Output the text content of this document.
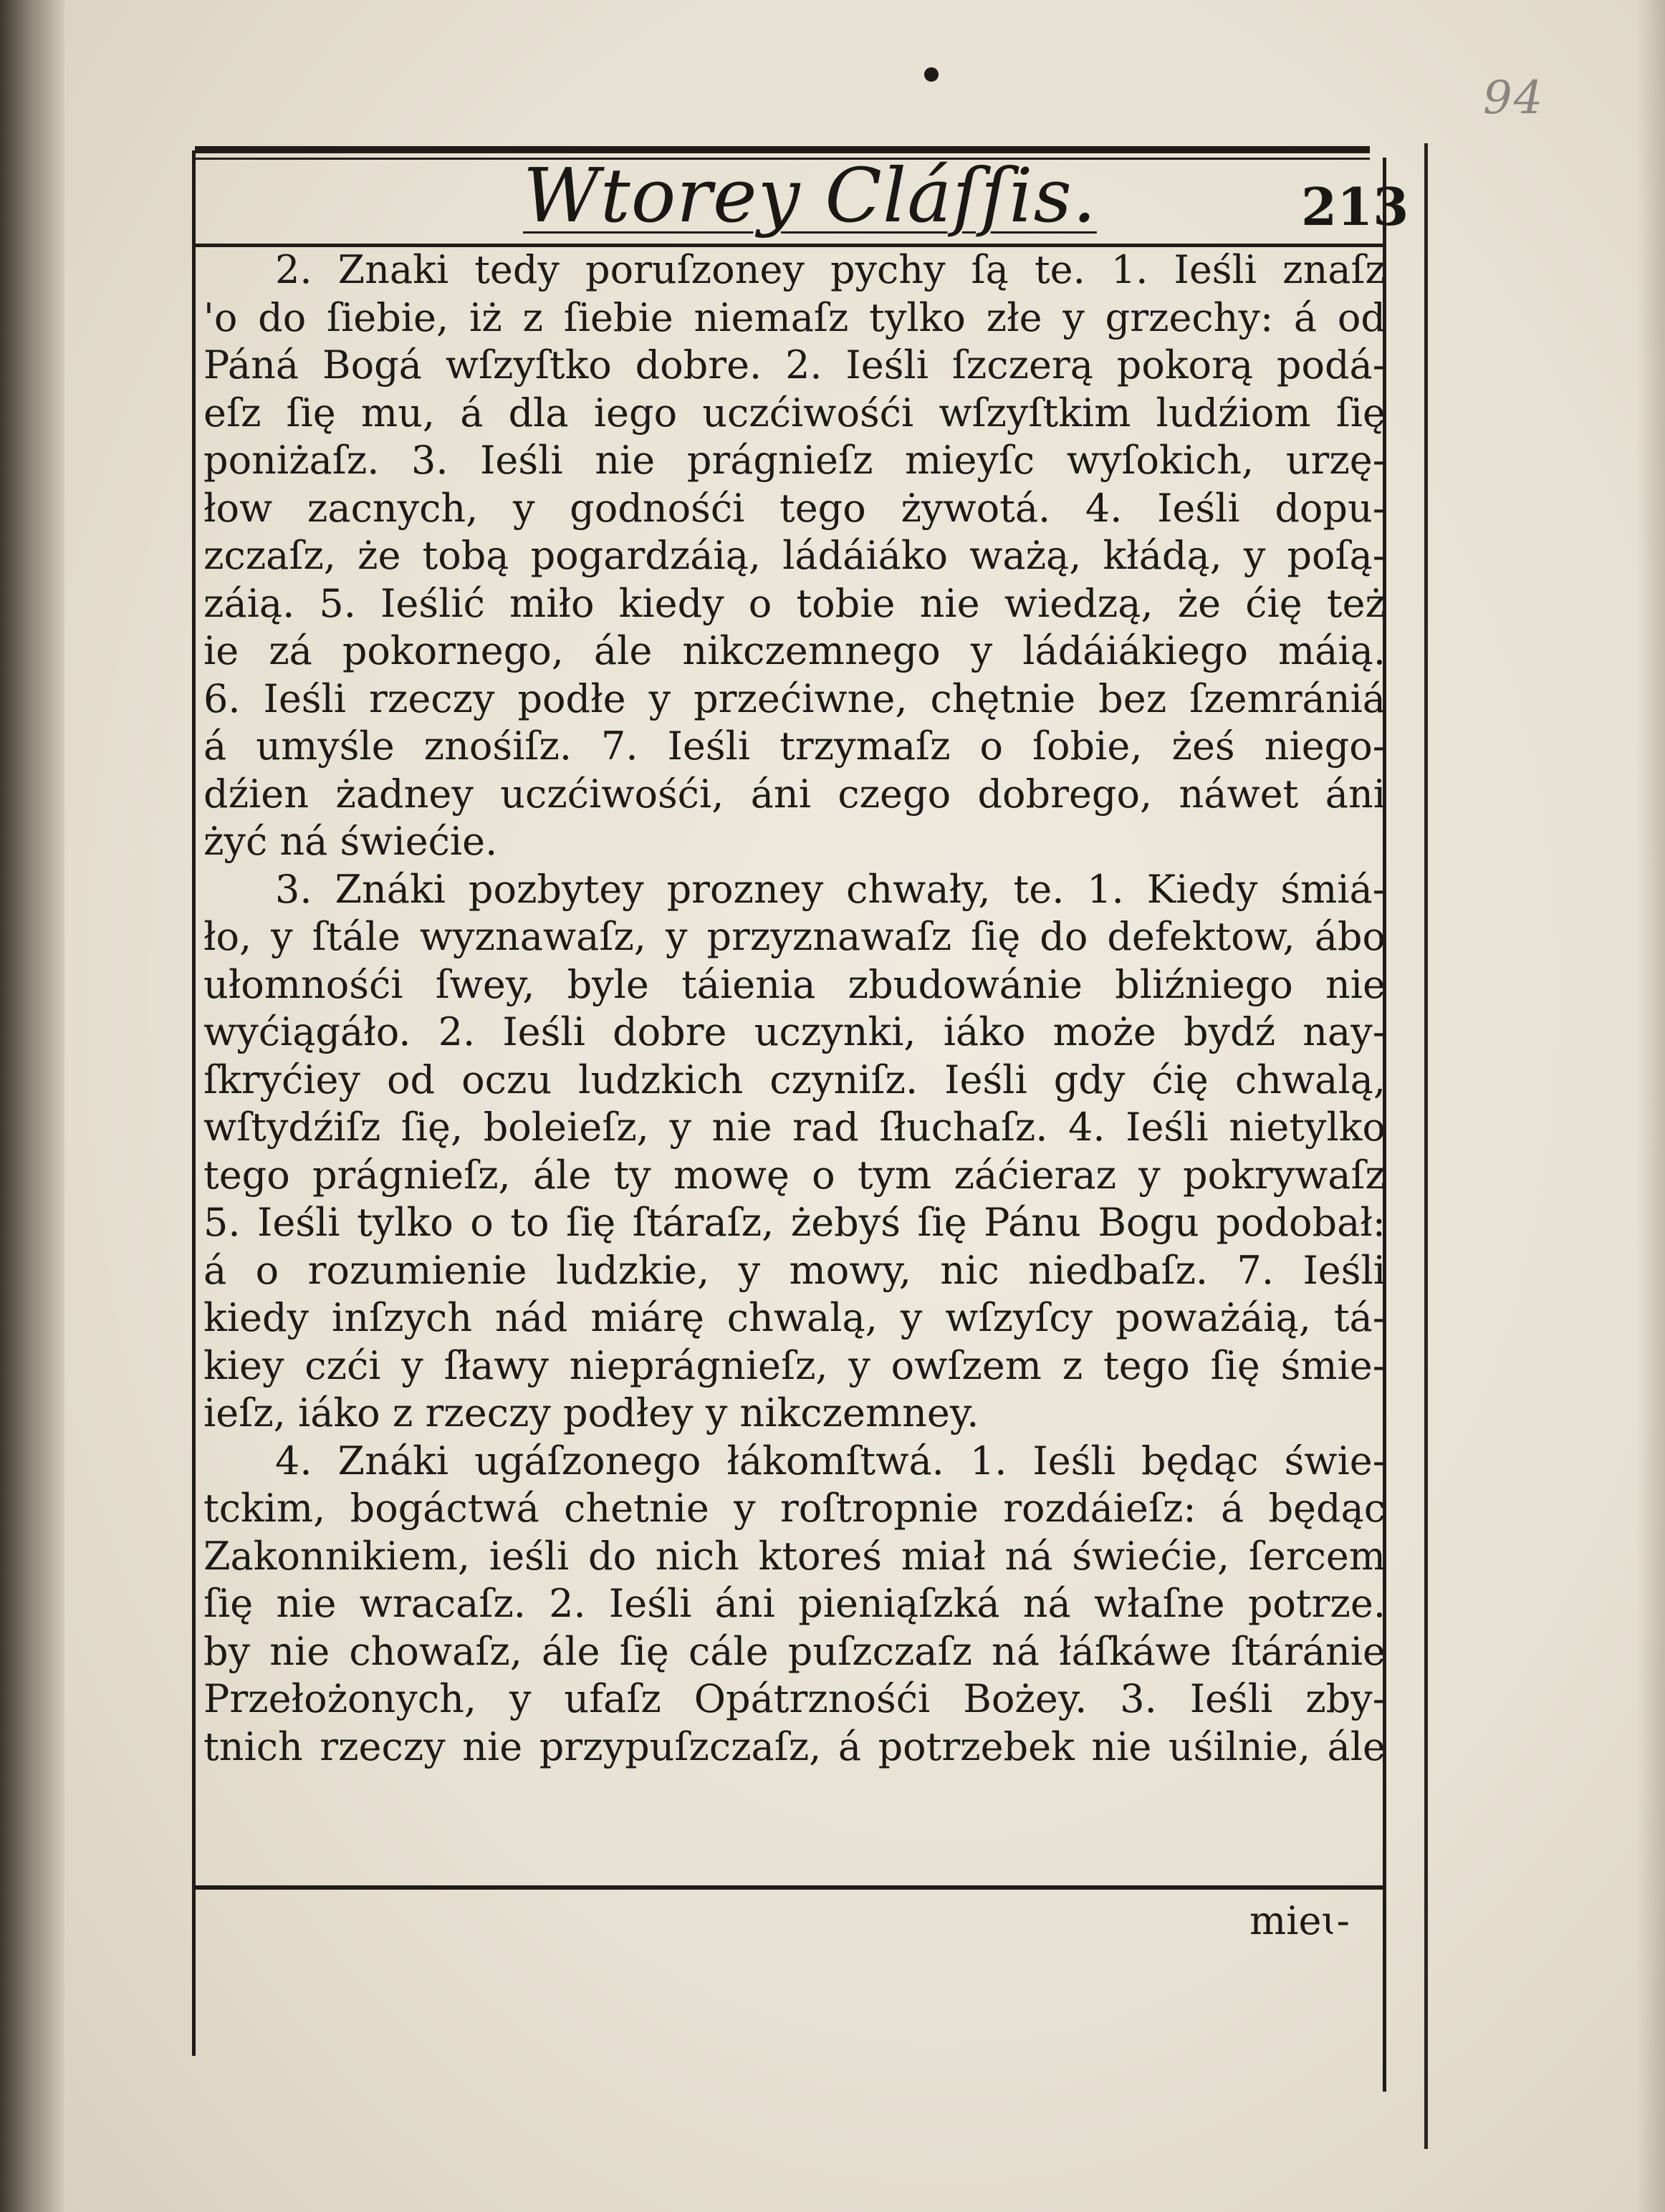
94
Wtorey Cláſſis.	213
2. Znaki tedy poruſzoney pychy ſą te. 1. Ieśli znaſz
'o do ſiebie, iż z ſiebie niemaſz tylko złe y grzechy: á od
Páná Bogá wſzyſtko dobre. 2. Ieśli ſzczerą pokorą podá-
eſz ſię mu, á dla iego uczćiwośći wſzyſtkim ludźiom ſię
poniżaſz. 3. Ieśli nie prágnieſz mieyſc wyſokich, urzę-
łow zacnych, y godnośći tego żywotá. 4. Ieśli dopu-
zczaſz, że tobą pogardzáią, ládáiáko ważą, kłádą, y poſą-
záią. 5. Ieślić miło kiedy o tobie nie wiedzą, że ćię też
ie zá pokornego, ále nikczemnego y ládáiákiego máią.
6. Ieśli rzeczy podłe y przećiwne, chętnie bez ſzemrániá
á umyśle znośiſz. 7. Ieśli trzymaſz o ſobie, żeś niego-
dźien żadney uczćiwośći, áni czego dobrego, náwet áni
żyć ná świećie.
3. Znáki pozbytey prozney chwały, te. 1. Kiedy śmiá-
ło, y ſtále wyznawaſz, y przyznawaſz ſię do defektow, ábo
ułomnośći ſwey, byle táienia zbudowánie bliźniego nie
wyćiągáło. 2. Ieśli dobre uczynki, iáko może bydź nay-
ſkryćiey od oczu ludzkich czyniſz. Ieśli gdy ćię chwalą,
wſtydźiſz ſię, boleieſz, y nie rad ſłuchaſz. 4. Ieśli nietylko
tego prágnieſz, ále ty mowę o tym záćieraz y pokrywaſz
5. Ieśli tylko o to ſię ſtáraſz, żebyś ſię Pánu Bogu podobał:
á o rozumienie ludzkie, y mowy, nic niedbaſz. 7. Ieśli
kiedy inſzych nád miárę chwalą, y wſzyſcy poważáią, tá-
kiey czći y ſławy nieprágnieſz, y owſzem z tego ſię śmie-
ieſz, iáko z rzeczy podłey y nikczemney.
4. Znáki ugáſzonego łákomſtwá. 1. Ieśli będąc świe-
tckim, bogáctwá chetnie y roſtropnie rozdáieſz: á będąc
Zakonnikiem, ieśli do nich ktoreś miał ná świećie, ſercem
ſię nie wracaſz. 2. Ieśli áni pieniąſzká ná właſne potrze.
by nie chowaſz, ále ſię cále puſzczaſz ná łáſkáwe ſtáránie
Przełożonych, y ufaſz Opátrznośći Bożey. 3. Ieśli zby-
tnich rzeczy nie przypuſzczaſz, á potrzebek nie uśilnie, ále
mieɩ-
